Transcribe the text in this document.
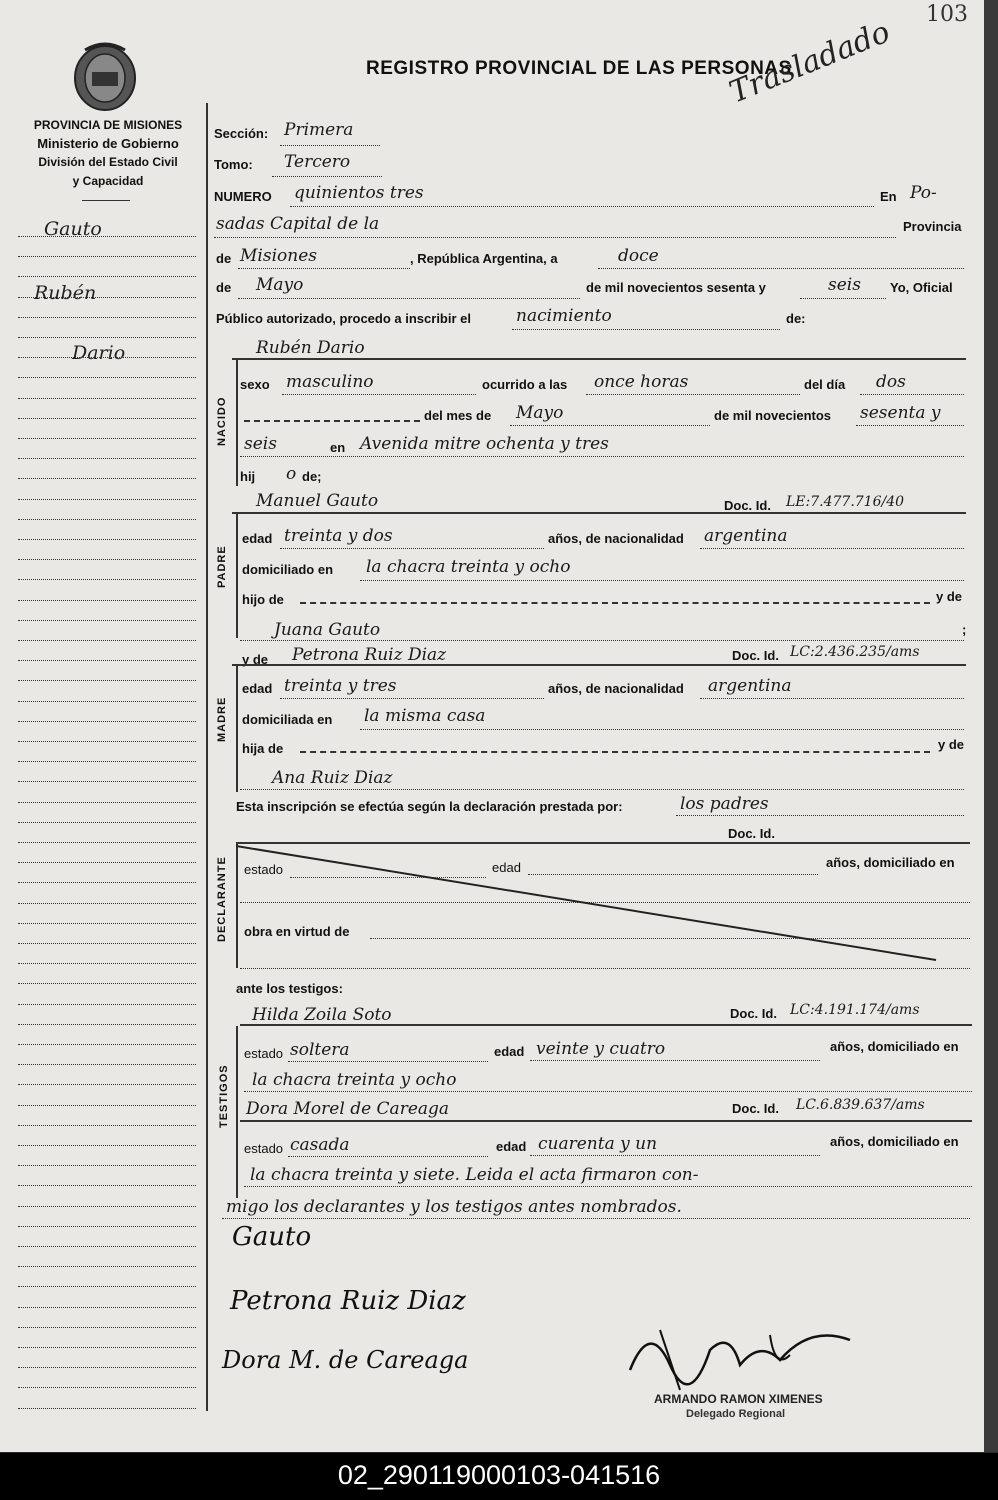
103
REGISTRO PROVINCIAL DE LAS PERSONAS
Trasladado
PROVINCIA DE MISIONES
Ministerio de Gobierno
División del Estado Civil
y Capacidad
Gauto
Rubén
Dario
Sección: Primera
Tomo: Tercero
NUMERO quinientos tres	En Po-
sadas Capital de la	Provincia
de Misiones	, República Argentina, a	doce
de Mayo	de mil novecientos sesenta y	seis Yo, Oficial
Público autorizado, procedo a inscribir el	nacimiento	de:
Rubén Dario
NACIDO
sexo masculino	ocurrido a las once horas	del día dos
del mes de Mayo	de mil novecientos sesenta y
seis	en Avenida mitre ochenta y tres
hij o de;
Manuel Gauto	Doc. Id. LE:7.477.716/40
PADRE
edad treinta y dos	años, de nacionalidad argentina
domiciliado en la chacra treinta y ocho
hijo de	y de
Juana Gauto	;
y de Petrona Ruiz Diaz	Doc. Id. LC:2.436.235/ams
MADRE
edad treinta y tres	años, de nacionalidad argentina
domiciliada en la misma casa
hija de	y de
Ana Ruiz Diaz
Esta inscripción se efectúa según la declaración prestada por:	los padres
Doc. Id.
DECLARANTE estado	edad	años, domiciliado en
obra en virtud de
ante los testigos:
Hilda Zoila Soto	Doc. Id. LC:4.191.174/ams
TESTIGOS
estado soltera	edad veinte y cuatro	años, domiciliado en
la chacra treinta y ocho
Dora Morel de Careaga	Doc. Id. LC.6.839.637/ams
estado casada	edad cuarenta y un	años, domiciliado en
la chacra treinta y siete. Leida el acta firmaron con-
migo los declarantes y los testigos antes nombrados.
Gauto
Petrona Ruiz Diaz
Dora M. de Careaga
ARMANDO RAMON XIMENES
Delegado Regional
02_290119000103-041516
